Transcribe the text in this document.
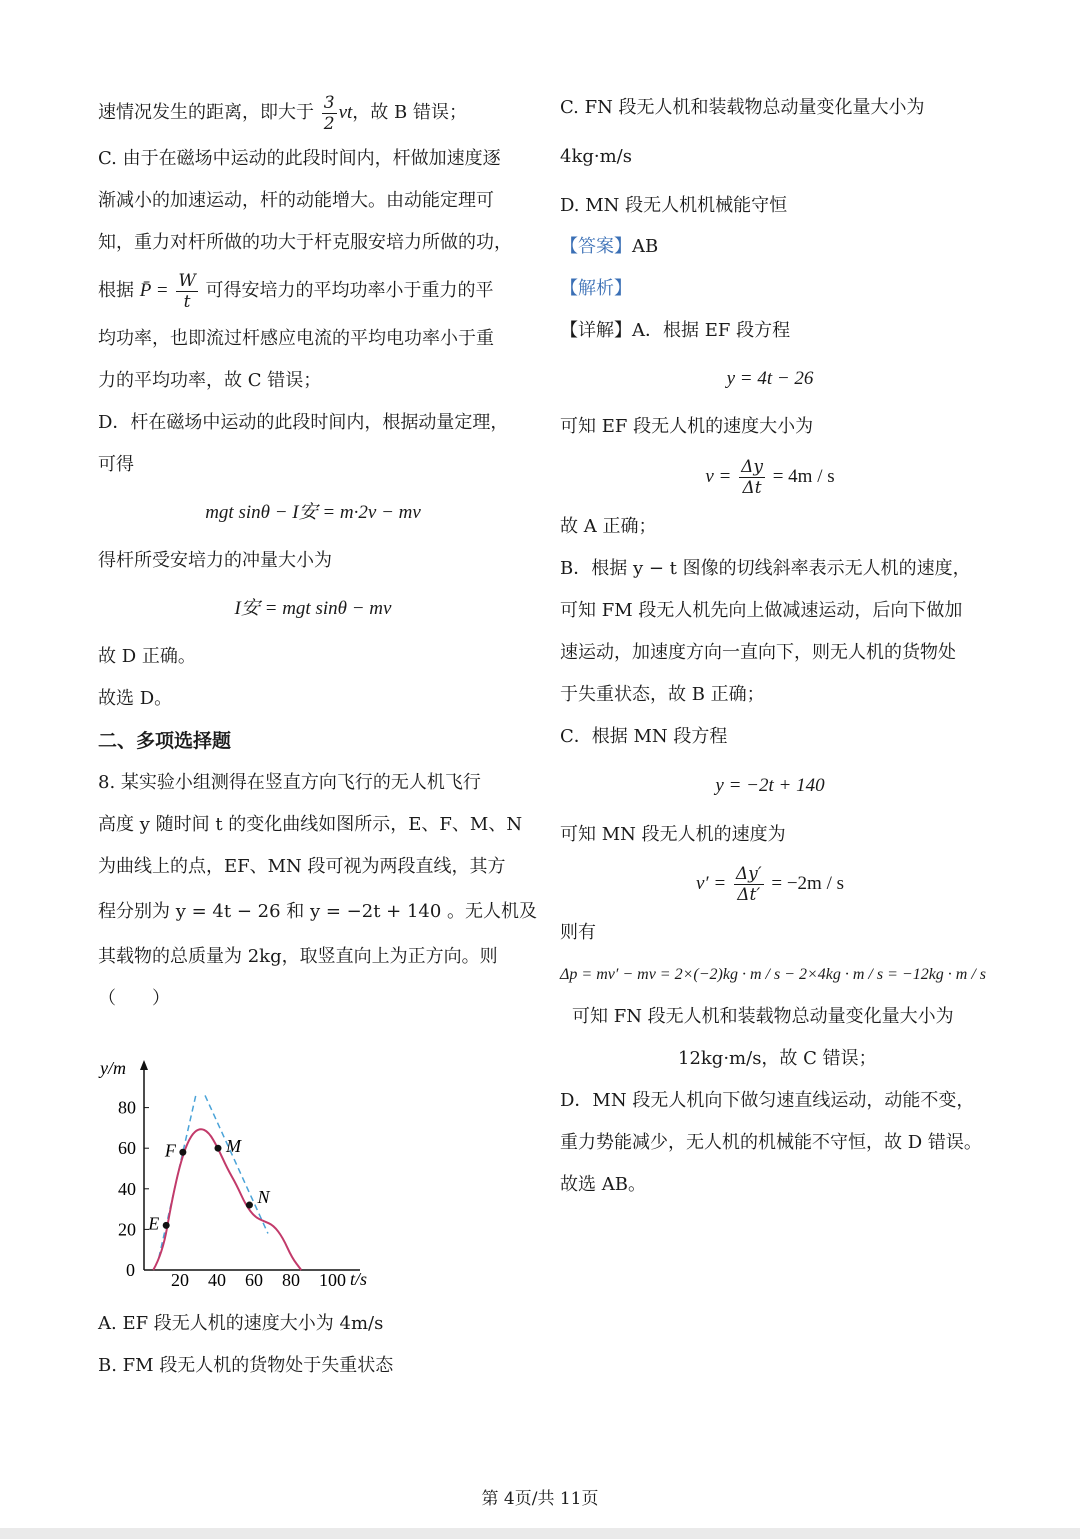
速情况发生的距离，即大于 $\frac{3}{2}$ vt，故 B 错误；

C. 由于在磁场中运动的此段时间内，杆做加速度逐

渐减小的加速运动，杆的动能增大。由动能定理可

知，重力对杆所做的功大于杆克服安培力所做的功，

根据 P̄ = $\frac{W}{t}$ 可得安培力的平均功率小于重力的平

均功率，也即流过杆感应电流的平均电功率小于重

力的平均功率，故 C 错误；

D．杆在磁场中运动的此段时间内，根据动量定理，

可得

mgt sinθ − I安 = m·2v − mv

得杆所受安培力的冲量大小为

I安 = mgt sinθ − mv

故 D 正确。

故选 D。

二、多项选择题

8. 某实验小组测得在竖直方向飞行的无人机飞行

高度 y 随时间 t 的变化曲线如图所示，E、F、M、N

为曲线上的点，EF、MN 段可视为两段直线，其方

程分别为 y = 4t − 26 和 y = −2t + 140 。无人机及

其载物的总质量为 2kg，取竖直向上为正方向。则

（　　）

y/m
t/s
0
80
60
40
20
20 40 60 80 100
E
F	M
N

A. EF 段无人机的速度大小为 4m/s

B. FM 段无人机的货物处于失重状态

C. FN 段无人机和装载物总动量变化量大小为

4kg·m/s

D. MN 段无人机机械能守恒

【答案】AB

【解析】

【详解】A．根据 EF 段方程

y = 4t − 26

可知 EF 段无人机的速度大小为

$v = \frac{\Delta y}{\Delta t} = 4m / s$

故 A 正确；

B．根据 y − t 图像的切线斜率表示无人机的速度，

可知 FM 段无人机先向上做减速运动，后向下做加

速运动，加速度方向一直向下，则无人机的货物处

于失重状态，故 B 正确；

C．根据 MN 段方程

y = −2t + 140

可知 MN 段无人机的速度为

$v' = \frac{\Delta y'}{\Delta t'} = -2m / s$

则有

Δp = mv′ − mv = 2×(−2)kg · m / s − 2×4kg · m / s = −12kg · m / s

可知 FN 段无人机和装载物总动量变化量大小为

12kg·m/s，故 C 错误；

D．MN 段无人机向下做匀速直线运动，动能不变，

重力势能减少，无人机的机械能不守恒，故 D 错误。

故选 AB。

第 4页/共 11页
